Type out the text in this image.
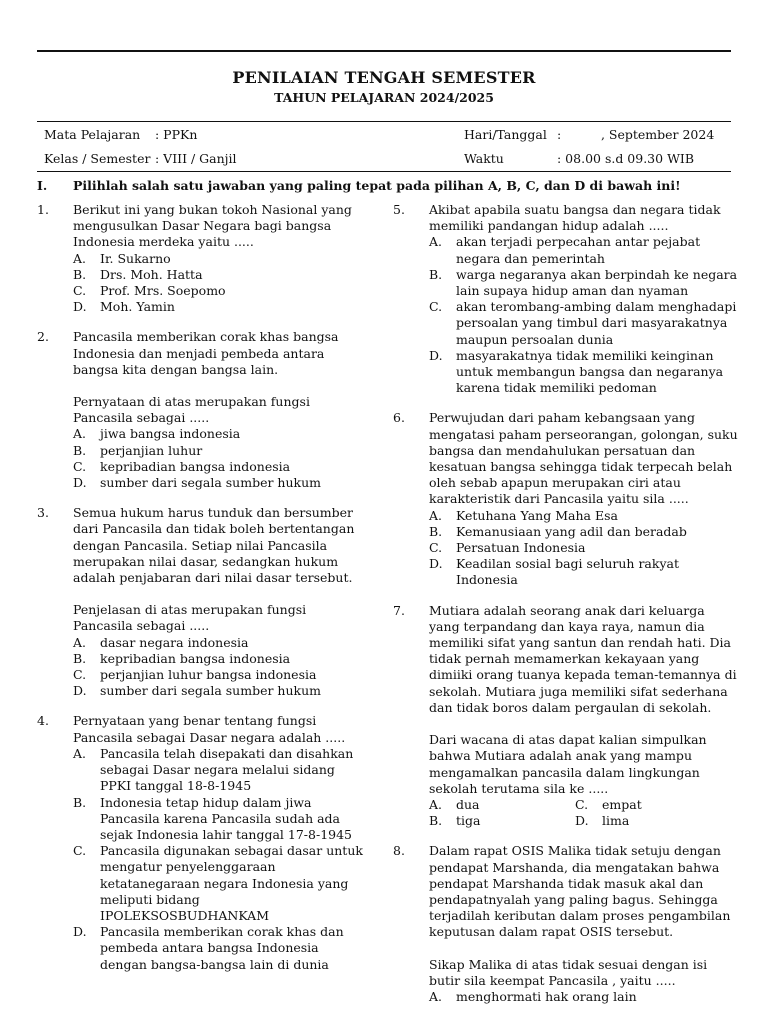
PENILAIAN TENGAH SEMESTER
TAHUN PELAJARAN 2024/2025
Mata Pelajaran : PPKn
Kelas / Semester : VIII / Ganjil
Hari/Tanggal :          , September 2024
Waktu	: 08.00 s.d 09.30 WIB
I. Pilihlah salah satu jawaban yang paling tepat pada pilihan A, B, C, dan D di bawah ini!
1. Berikut ini yang bukan tokoh Nasional yang mengusulkan Dasar Negara bagi bangsa Indonesia merdeka yaitu .....

A. Ir. Sukarno
B. Drs. Moh. Hatta
C. Prof. Mrs. Soepomo
D. Moh. Yamin
2. Pancasila memberikan corak khas bangsa Indonesia dan menjadi pembeda antara bangsa kita dengan bangsa lain.

Pernyataan di atas merupakan fungsi Pancasila sebagai .....

A. jiwa bangsa indonesia
B. perjanjian luhur
C. kepribadian bangsa indonesia
D. sumber dari segala sumber hukum
3. Semua hukum harus tunduk dan bersumber dari Pancasila dan tidak boleh bertentangan dengan Pancasila. Setiap nilai Pancasila merupakan nilai dasar, sedangkan hukum adalah penjabaran dari nilai dasar tersebut.

Penjelasan di atas merupakan fungsi Pancasila sebagai .....

A. dasar negara indonesia
B. kepribadian bangsa indonesia
C. perjanjian luhur bangsa indonesia
D. sumber dari segala sumber hukum
4. Pernyataan yang benar tentang fungsi Pancasila sebagai Dasar negara adalah .....

A. Pancasila telah disepakati dan disahkan sebagai Dasar negara melalui sidang PPKI tanggal 18-8-1945
B. Indonesia tetap hidup dalam jiwa Pancasila karena Pancasila sudah ada sejak Indonesia lahir tanggal 17-8-1945
C. Pancasila digunakan sebagai dasar untuk mengatur penyelenggaraan ketatanegaraan negara Indonesia yang meliputi bidang IPOLEKSOSBUDHANKAM
D. Pancasila memberikan corak khas dan pembeda antara bangsa Indonesia dengan bangsa-bangsa lain di dunia
5. Akibat apabila suatu bangsa dan negara tidak memiliki pandangan hidup adalah .....

A. akan terjadi perpecahan antar pejabat negara dan pemerintah
B. warga negaranya akan berpindah ke negara lain supaya hidup aman dan nyaman
C. akan terombang-ambing dalam menghadapi persoalan yang timbul dari masyarakatnya maupun persoalan dunia
D. masyarakatnya tidak memiliki keinginan untuk membangun bangsa dan negaranya karena tidak memiliki pedoman
6. Perwujudan dari paham kebangsaan yang mengatasi paham perseorangan, golongan, suku bangsa dan mendahulukan persatuan dan kesatuan bangsa sehingga tidak terpecah belah oleh sebab apapun merupakan ciri atau karakteristik dari Pancasila yaitu sila .....

A. Ketuhana Yang Maha Esa
B. Kemanusiaan yang adil dan beradab
C. Persatuan Indonesia
D. Keadilan sosial bagi seluruh rakyat Indonesia
7. Mutiara adalah seorang anak dari keluarga yang terpandang dan kaya raya, namun dia memiliki sifat yang santun dan rendah hati. Dia tidak pernah memamerkan kekayaan yang dimiiki orang tuanya kepada teman-temannya di sekolah. Mutiara juga memiliki sifat sederhana dan tidak boros dalam pergaulan di sekolah.

Dari wacana di atas dapat kalian simpulkan bahwa Mutiara adalah anak yang mampu mengamalkan pancasila dalam lingkungan sekolah terutama sila ke .....

A. dua	C. empat
B. tiga	D. lima
8. Dalam rapat OSIS Malika tidak setuju dengan pendapat Marshanda, dia mengatakan bahwa pendapat Marshanda tidak masuk akal dan pendapatnyalah yang paling bagus. Sehingga terjadilah keributan dalam proses pengambilan keputusan dalam rapat OSIS tersebut.

Sikap Malika di atas tidak sesuai dengan isi butir sila keempat Pancasila , yaitu .....

A. menghormati hak orang lain
